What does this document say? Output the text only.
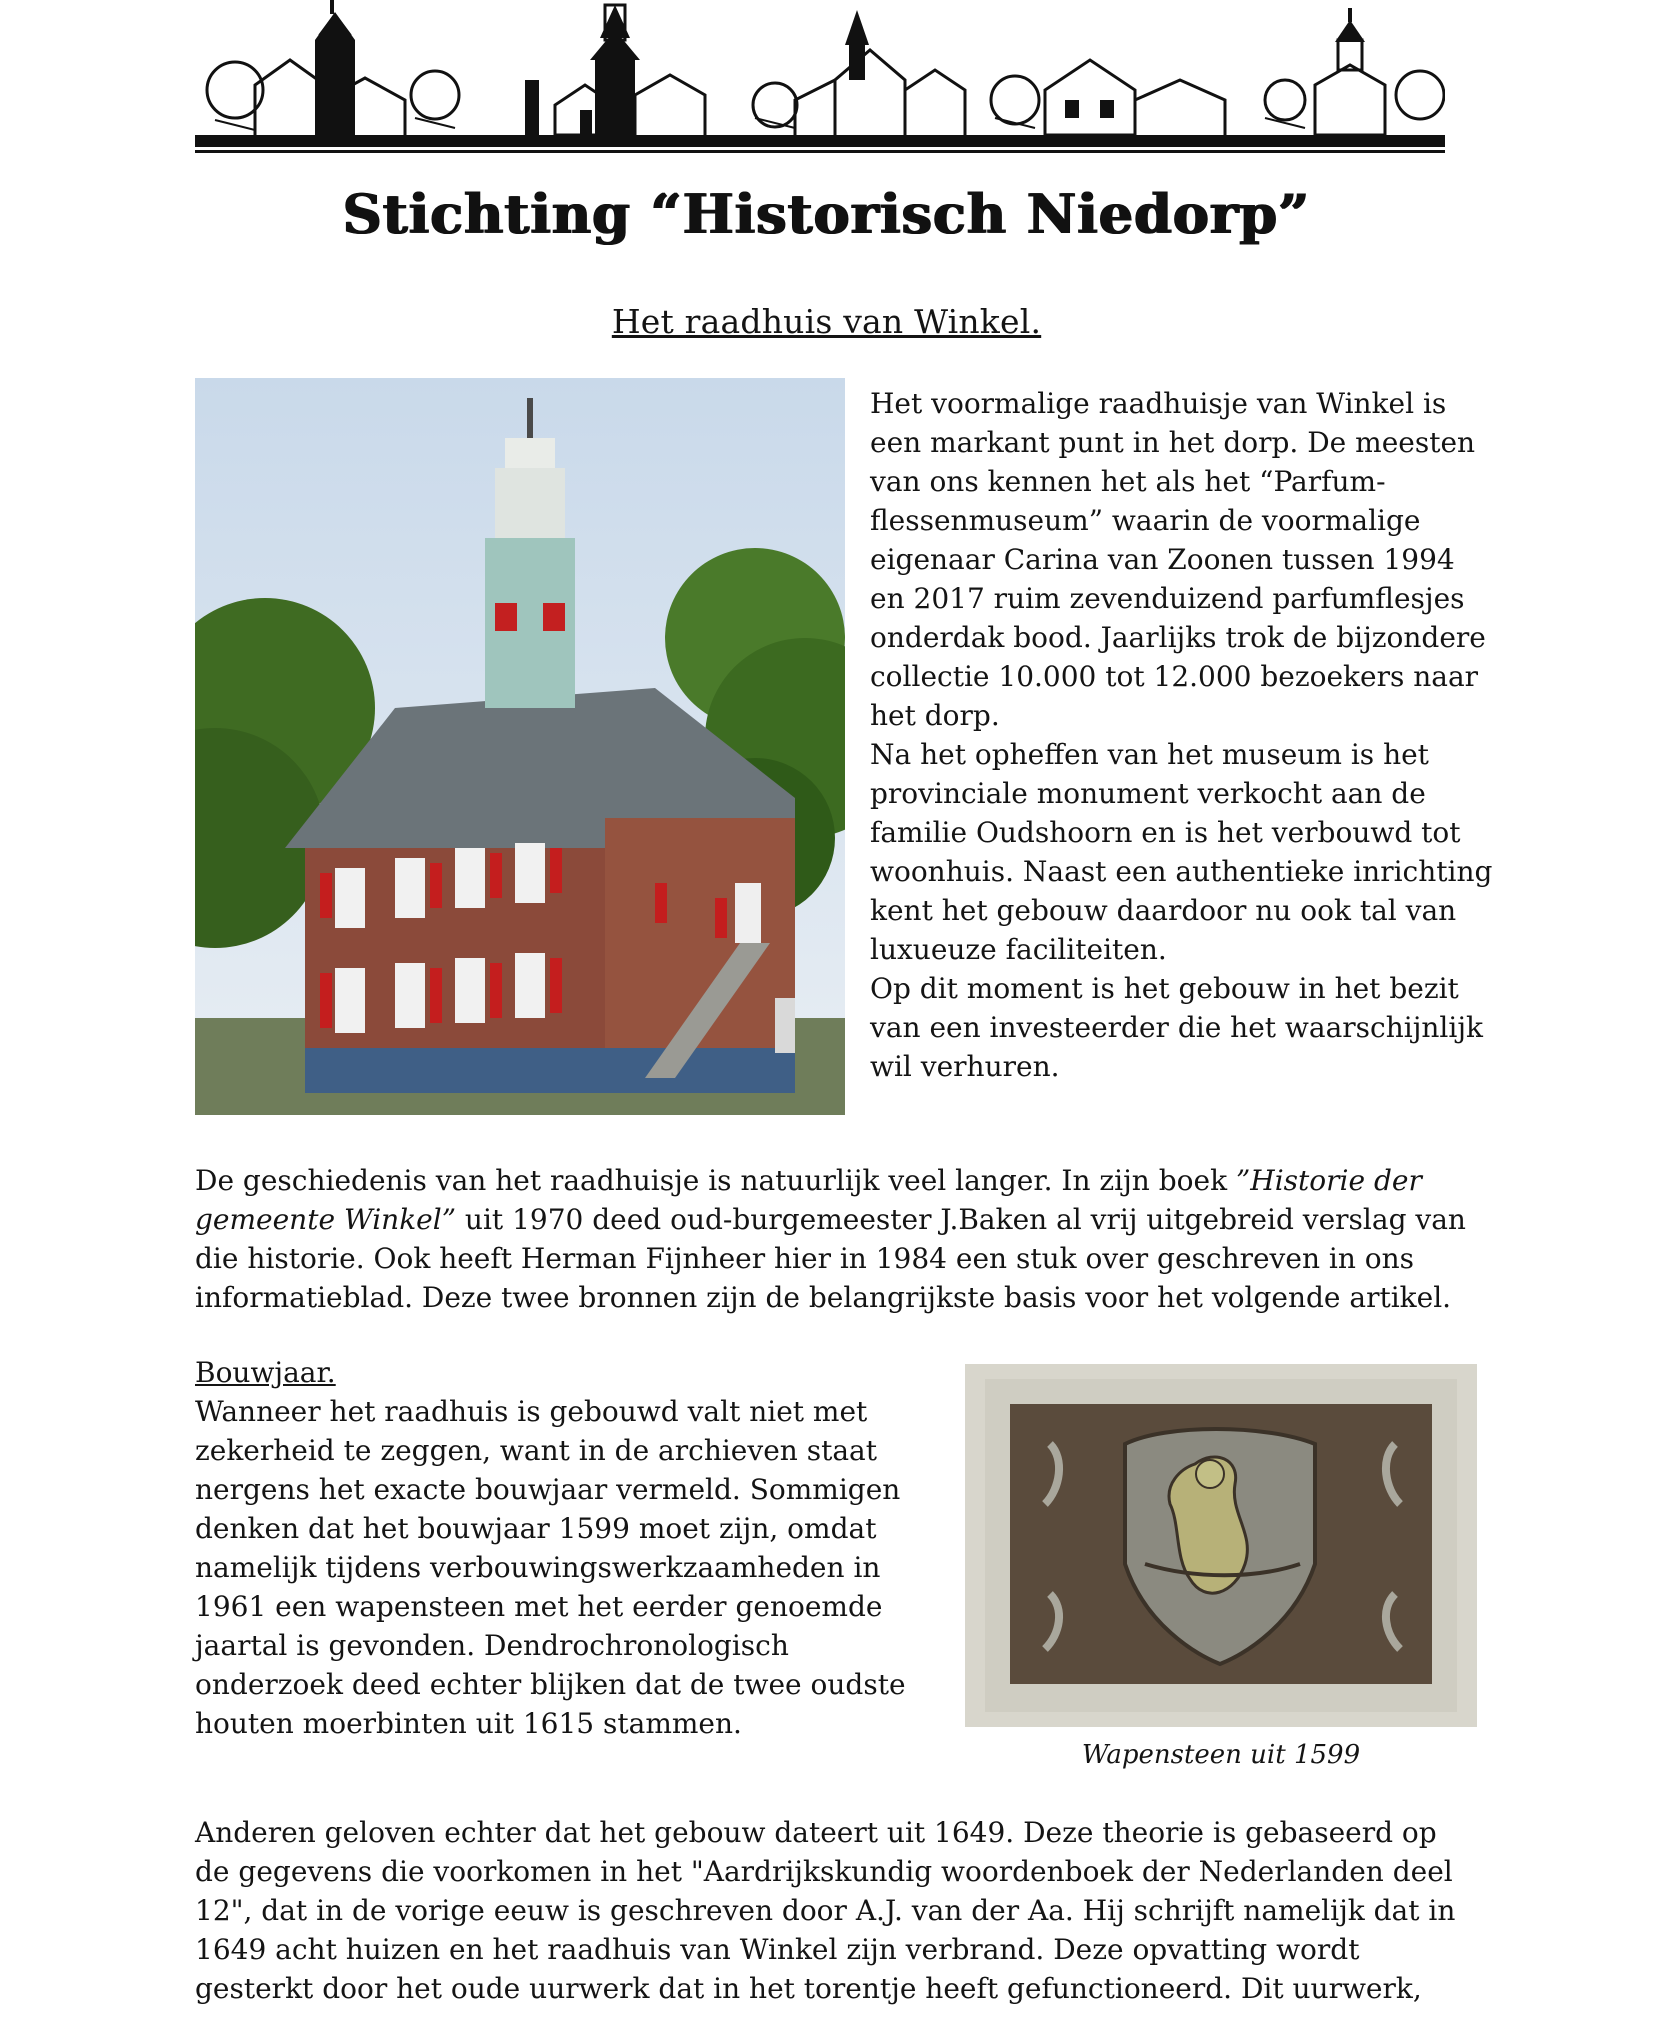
Stichting “Historisch Niedorp”
Het raadhuis van Winkel.

Het voormalige raadhuisje van Winkel is

een markant punt in het dorp. De meesten

van ons kennen het als het “Parfum-

flessenmuseum” waarin de voormalige

eigenaar Carina van Zoonen tussen 1994

en 2017 ruim zevenduizend parfumflesjes

onderdak bood. Jaarlijks trok de bijzondere

collectie 10.000 tot 12.000 bezoekers naar

het dorp.

Na het opheffen van het museum is het

provinciale monument verkocht aan de

familie Oudshoorn en is het verbouwd tot

woonhuis. Naast een authentieke inrichting

kent het gebouw daardoor nu ook tal van

luxueuze faciliteiten.

Op dit moment is het gebouw in het bezit

van een investeerder die het waarschijnlijk

wil verhuren.

De geschiedenis van het raadhuisje is natuurlijk veel langer. In zijn boek ”Historie der gemeente Winkel” uit 1970 deed oud-burgemeester J.Baken al vrij uitgebreid verslag van die historie. Ook heeft Herman Fijnheer hier in 1984 een stuk over geschreven in ons informatieblad. Deze twee bronnen zijn de belangrijkste basis voor het volgende artikel.

Bouwjaar.

Wanneer het raadhuis is gebouwd valt niet met

zekerheid te zeggen, want in de archieven staat

nergens het exacte bouwjaar vermeld. Sommigen

denken dat het bouwjaar 1599 moet zijn, omdat

namelijk tijdens verbouwingswerkzaamheden in

1961 een wapensteen met het eerder genoemde

jaartal is gevonden. Dendrochronologisch

onderzoek deed echter blijken dat de twee oudste

houten moerbinten uit 1615 stammen.

Wapensteen uit 1599

Anderen geloven echter dat het gebouw dateert uit 1649. Deze theorie is gebaseerd op

de gegevens die voorkomen in het "Aardrijkskundig woordenboek der Nederlanden deel

12", dat in de vorige eeuw is geschreven door A.J. van der Aa. Hij schrijft namelijk dat in

1649 acht huizen en het raadhuis van Winkel zijn verbrand. Deze opvatting wordt

gesterkt door het oude uurwerk dat in het torentje heeft gefunctioneerd. Dit uurwerk,
